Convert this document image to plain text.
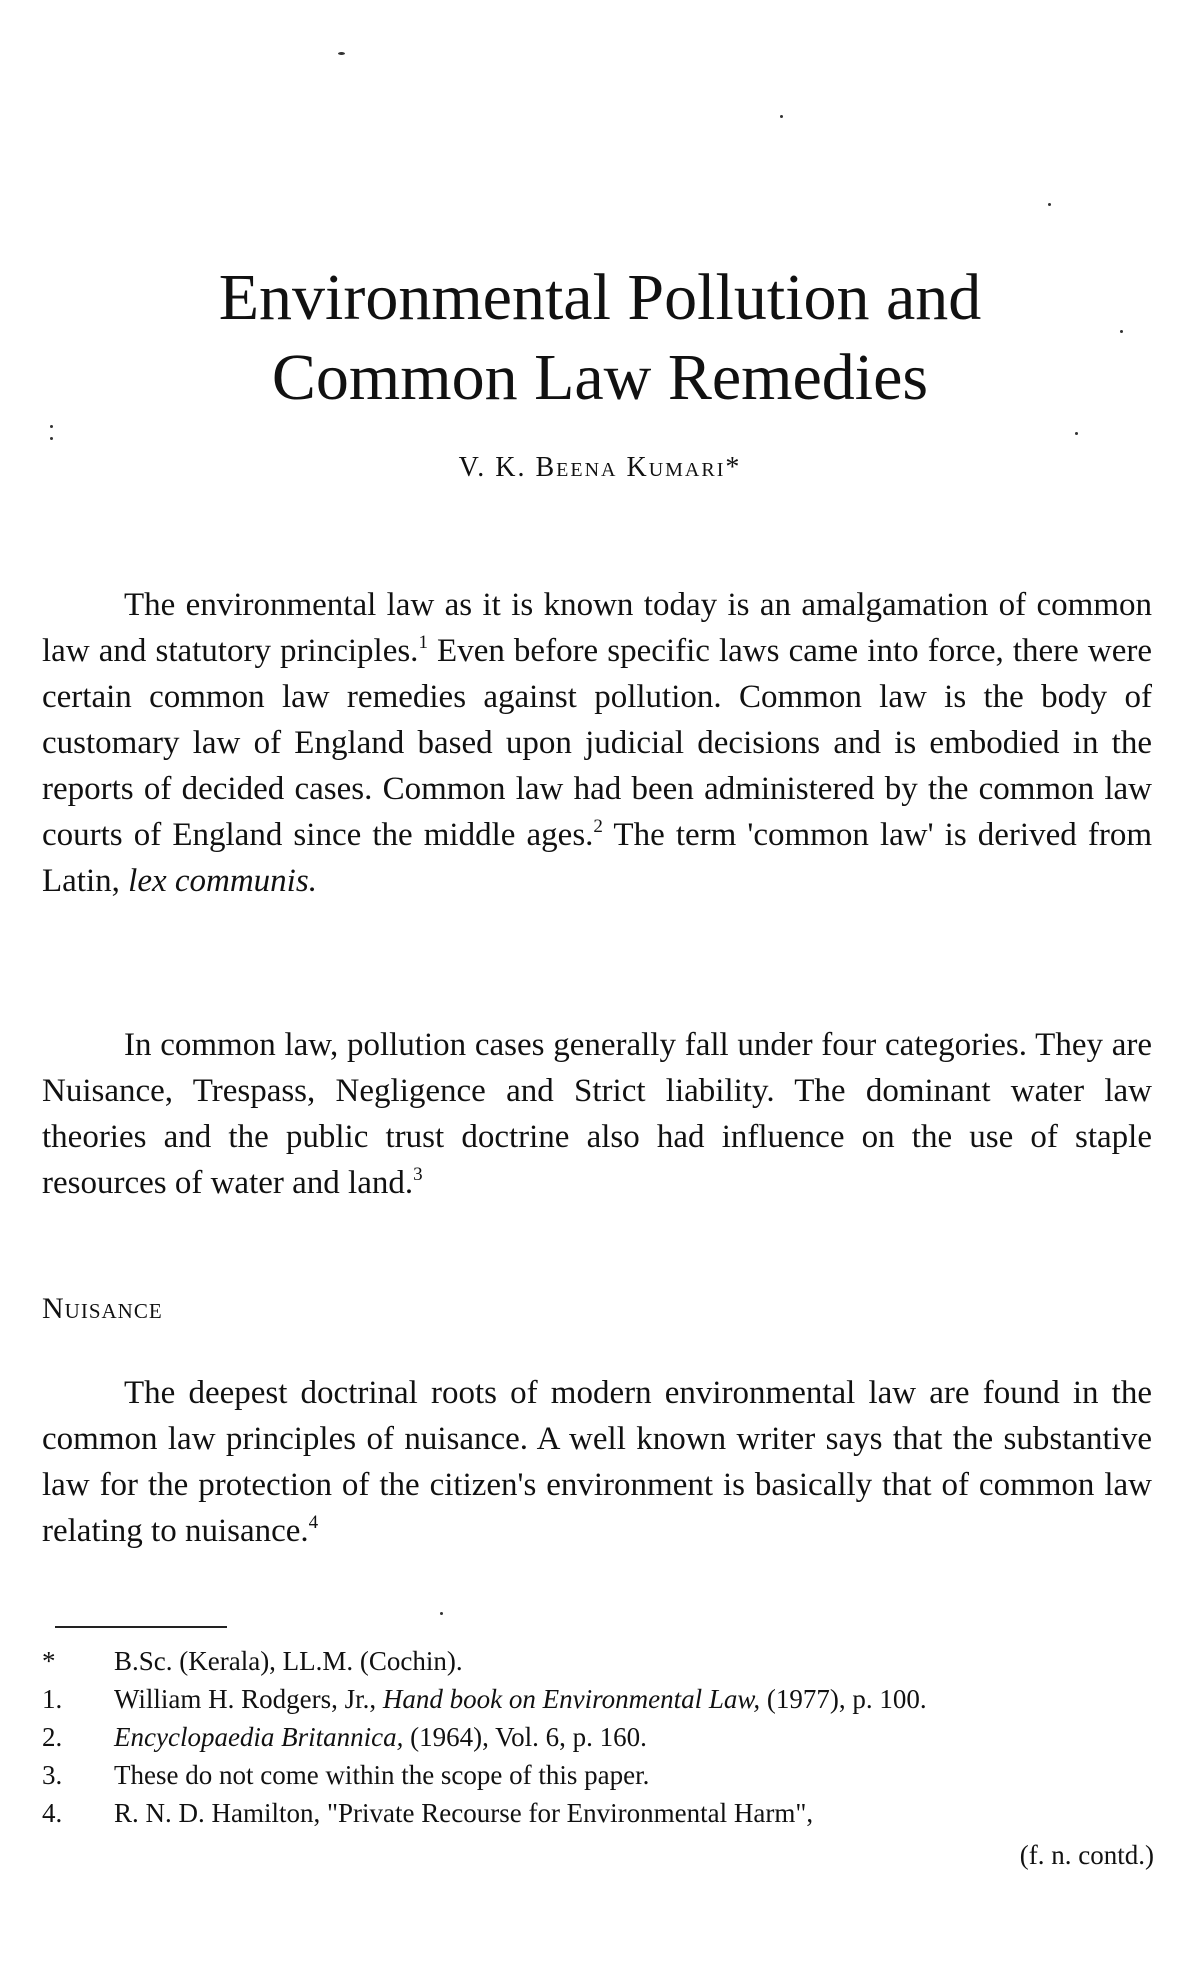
Environmental Pollution and
Common Law Remedies

V. K. Beena Kumari*

The environmental law as it is known today is an amalgamation of common law and statutory principles.$^1$ Even before specific laws came into force, there were certain common law remedies against pollution. Common law is the body of customary law of England based upon judicial decisions and is embodied in the reports of decided cases. Common law had been administered by the common law courts of England since the middle ages.$^2$ The term 'common law' is derived from Latin, lex communis.

In common law, pollution cases generally fall under four categories. They are Nuisance, Trespass, Negligence and Strict liability. The dominant water law theories and the public trust doctrine also had influence on the use of staple resources of water and land.$^3$

Nuisance

The deepest doctrinal roots of modern environmental law are found in the common law principles of nuisance. A well known writer says that the substantive law for the protection of the citizen's environment is basically that of common law relating to nuisance.$^4$

*	B.Sc. (Kerala), LL.M. (Cochin).
1.	William H. Rodgers, Jr., Hand book on Environmental Law, (1977), p. 100.
2.	Encyclopaedia Britannica, (1964), Vol. 6, p. 160.
3.	These do not come within the scope of this paper.
4.	R. N. D. Hamilton, "Private Recourse for Environmental Harm",
(f. n. contd.)
